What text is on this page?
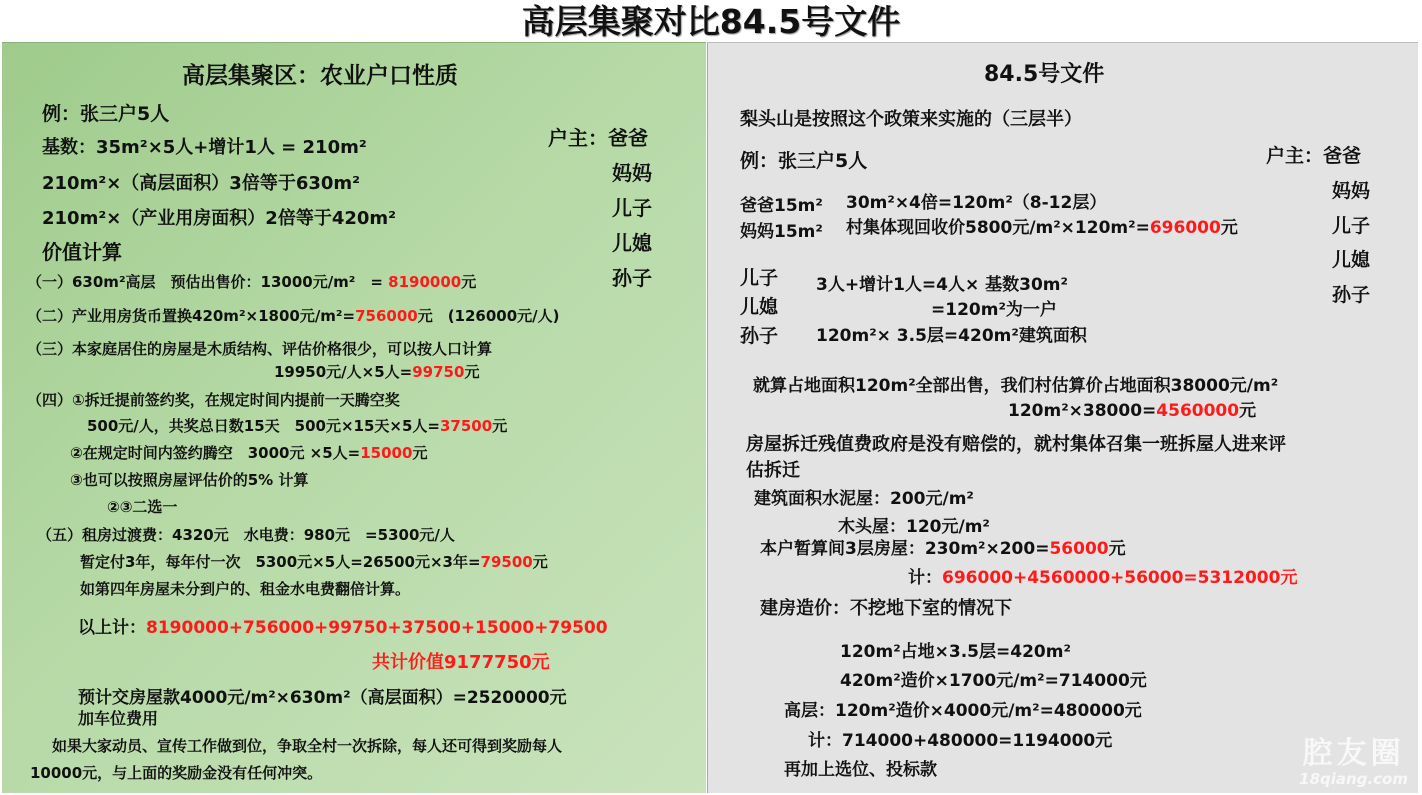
高层集聚对比84.5号文件
高层集聚区：农业户口性质
例：张三户5人
基数：35m²×5人+增计1人 = 210m²
210m²×（高层面积）3倍等于630m²
210m²×（产业用房面积）2倍等于420m²
价值计算
户主：爸爸
妈妈
儿子
儿媳
孙子
（一）630m²高层　预估出售价：13000元/m²　= 8190000元
（二）产业用房货币置换420m²×1800元/m²=756000元　(126000元/人)
（三）本家庭居住的房屋是木质结构、评估价格很少，可以按人口计算
19950元/人×5人=99750元
（四）①拆迁提前签约奖，在规定时间内提前一天腾空奖
500元/人，共奖总日数15天　500元×15天×5人=37500元
②在规定时间内签约腾空　3000元 ×5人=15000元
③也可以按照房屋评估价的5% 计算
②③二选一
（五）租房过渡费：4320元　水电费：980元　=5300元/人
暂定付3年，每年付一次　5300元×5人=26500元×3年=79500元
如第四年房屋未分到户的、租金水电费翻倍计算。
以上计：8190000+756000+99750+37500+15000+79500
共计价值9177750元
预计交房屋款4000元/m²×630m²（高层面积）=2520000元
加车位费用
如果大家动员、宣传工作做到位，争取全村一次拆除，每人还可得到奖励每人
10000元，与上面的奖励金没有任何冲突。
84.5号文件
梨头山是按照这个政策来实施的（三层半）
例：张三户5人	户主：爸爸
妈妈
儿子
儿媳
孙子
爸爸15m²
妈妈15m²
30m²×4倍=120m²（8-12层）
村集体现回收价5800元/m²×120m²=696000元
儿子
儿媳
孙子
3人+增计1人=4人× 基数30m²
=120m²为一户
120m²× 3.5层=420m²建筑面积
就算占地面积120m²全部出售，我们村估算价占地面积38000元/m²
120m²×38000=4560000元
房屋拆迁残值费政府是没有赔偿的，就村集体召集一班拆屋人进来评
估拆迁
建筑面积水泥屋：200元/m²
木头屋：120元/m²
本户暂算间3层房屋：230m²×200=56000元
计：696000+4560000+56000=5312000元
建房造价：不挖地下室的情况下
120m²占地×3.5层=420m²
420m²造价×1700元/m²=714000元
高层：120m²造价×4000元/m²=480000元
计：714000+480000=1194000元
再加上选位、投标款	腔友圈
18qiang.com
